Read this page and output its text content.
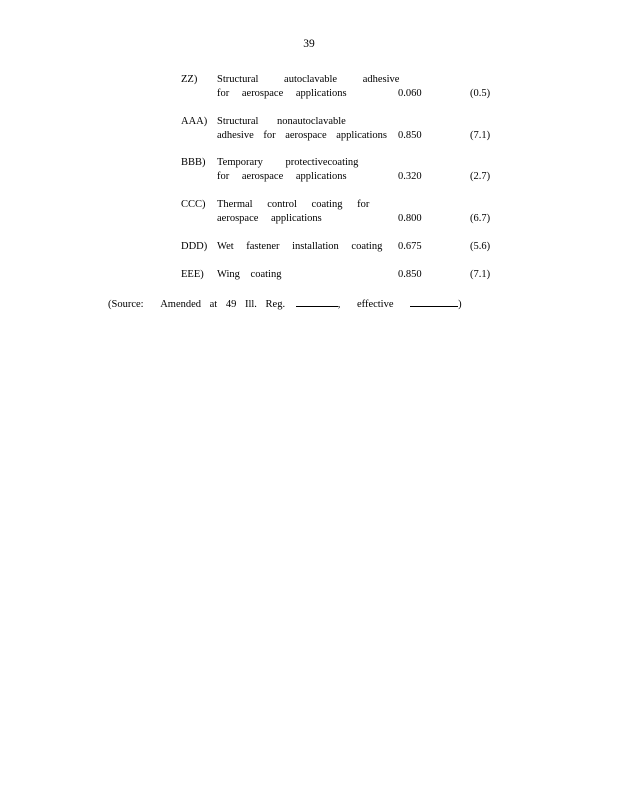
39
ZZ)	Structural autoclavable adhesive
for aerospace applications	0.060	(0.5)
AAA) Structural nonautoclavable
adhesive for aerospace applications 0.850	(7.1)
BBB)	Temporary protectivecoating
for aerospace applications	0.320	(2.7)
CCC)	Thermal control coating for
aerospace applications	0.800	(6.7)
DDD) Wet fastener installation coating	0.675	(5.6)
EEE)	Wing coating	0.850	(7.1)
(Source: Amended at 49 Ill. Reg.	, effective	)
